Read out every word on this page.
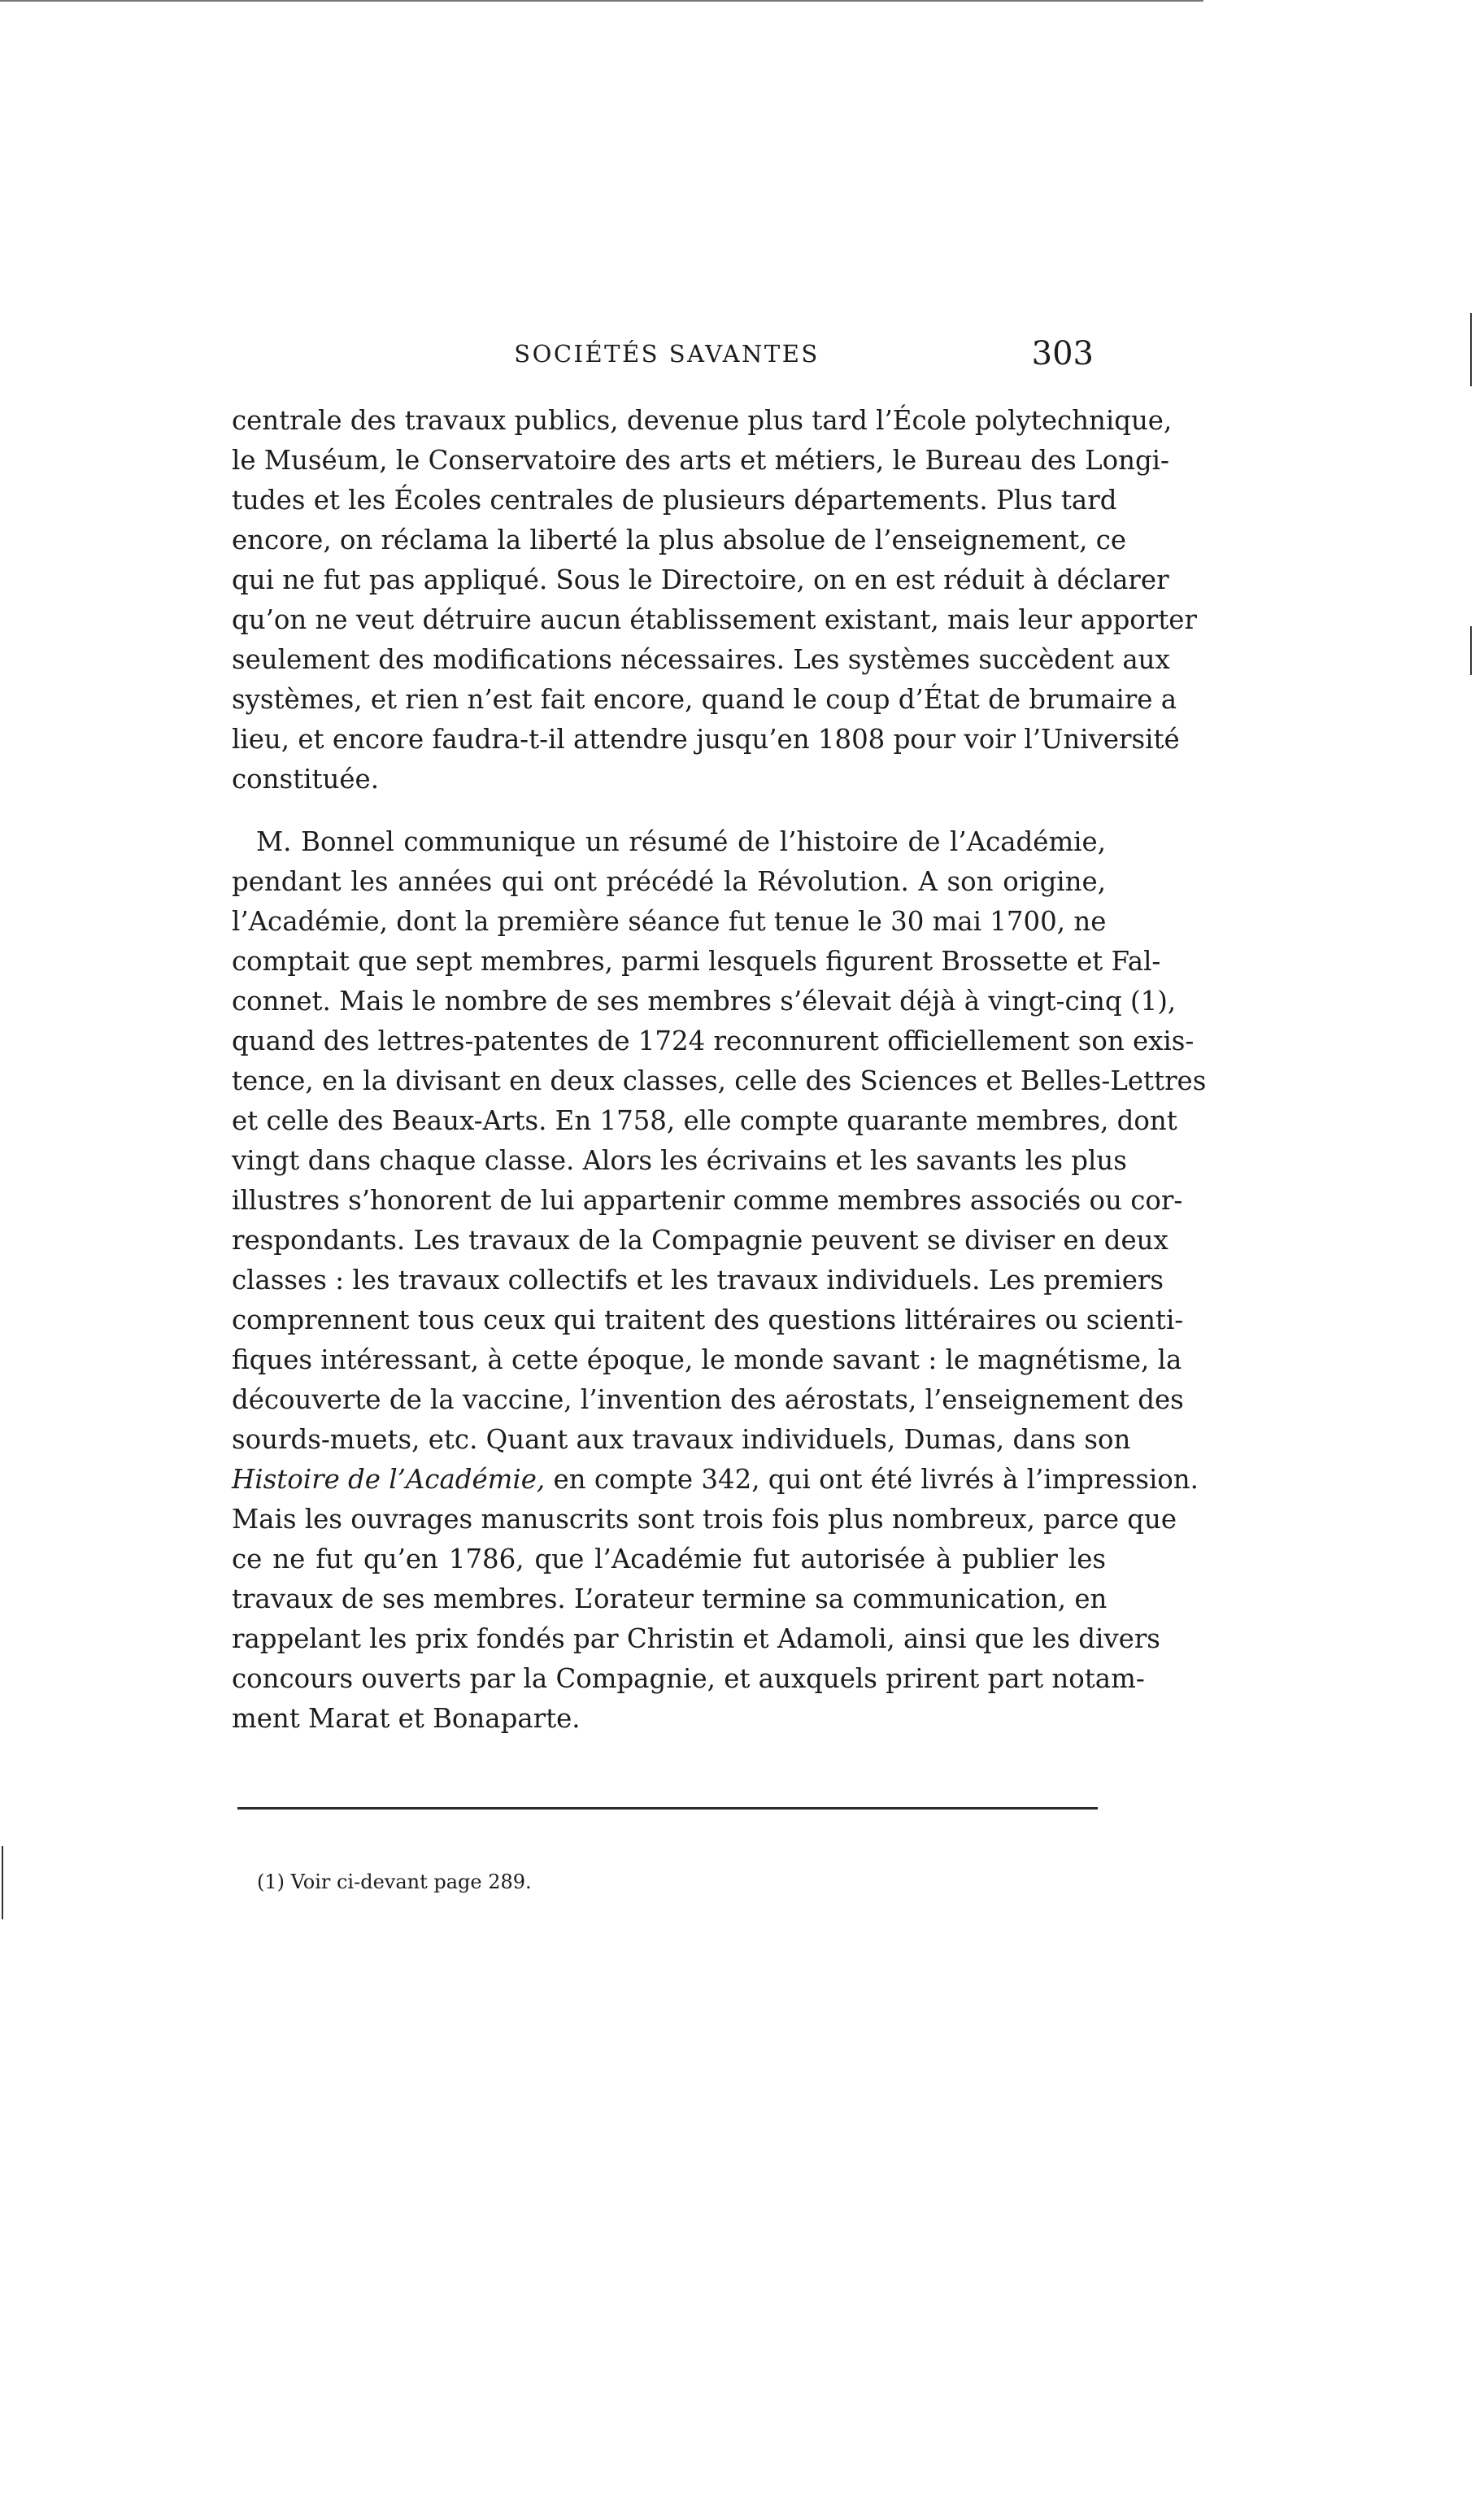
SOCIÉTÉS SAVANTES	303
centrale des travaux publics, devenue plus tard l’École polytechnique,
le Muséum, le Conservatoire des arts et métiers, le Bureau des Longi-
tudes et les Écoles centrales de plusieurs départements. Plus tard
encore, on réclama la liberté la plus absolue de l’enseignement, ce
qui ne fut pas appliqué. Sous le Directoire, on en est réduit à déclarer
qu’on ne veut détruire aucun établissement existant, mais leur apporter
seulement des modifications nécessaires. Les systèmes succèdent aux
systèmes, et rien n’est fait encore, quand le coup d’État de brumaire a
lieu, et encore faudra-t-il attendre jusqu’en 1808 pour voir l’Université
constituée.
M. Bonnel communique un résumé de l’histoire de l’Académie,
pendant les années qui ont précédé la Révolution. A son origine,
l’Académie, dont la première séance fut tenue le 30 mai 1700, ne
comptait que sept membres, parmi lesquels figurent Brossette et Fal-
connet. Mais le nombre de ses membres s’élevait déjà à vingt-cinq (1),
quand des lettres-patentes de 1724 reconnurent officiellement son exis-
tence, en la divisant en deux classes, celle des Sciences et Belles-Lettres
et celle des Beaux-Arts. En 1758, elle compte quarante membres, dont
vingt dans chaque classe. Alors les écrivains et les savants les plus
illustres s’honorent de lui appartenir comme membres associés ou cor-
respondants. Les travaux de la Compagnie peuvent se diviser en deux
classes : les travaux collectifs et les travaux individuels. Les premiers
comprennent tous ceux qui traitent des questions littéraires ou scienti-
fiques intéressant, à cette époque, le monde savant : le magnétisme, la
découverte de la vaccine, l’invention des aérostats, l’enseignement des
sourds-muets, etc. Quant aux travaux individuels, Dumas, dans son
Histoire de l’Académie, en compte 342, qui ont été livrés à l’impression.
Mais les ouvrages manuscrits sont trois fois plus nombreux, parce que
ce ne fut qu’en 1786, que l’Académie fut autorisée à publier les
travaux de ses membres. L’orateur termine sa communication, en
rappelant les prix fondés par Christin et Adamoli, ainsi que les divers
concours ouverts par la Compagnie, et auxquels prirent part notam-
ment Marat et Bonaparte.
(1) Voir ci-devant page 289.
